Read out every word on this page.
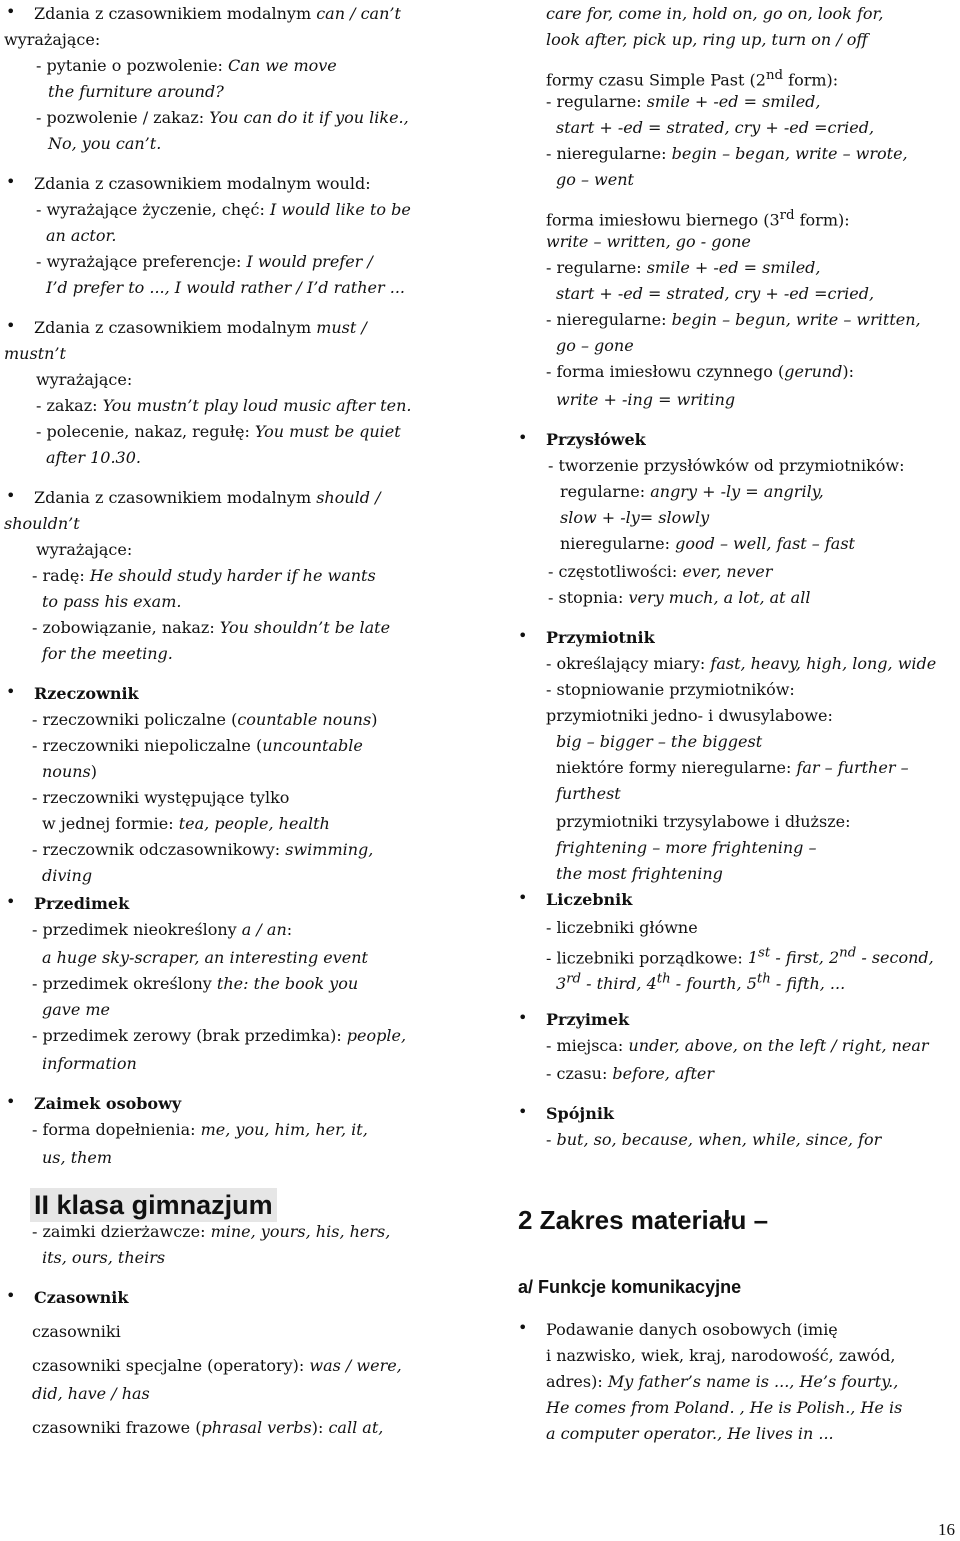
• Zdania z czasownikiem modalnym can / can’t
wyrażające:
- pytanie o pozwolenie: Can we move
the furniture around?
- pozwolenie / zakaz: You can do it if you like.,
No, you can’t.
• Zdania z czasownikiem modalnym would:
- wyrażające życzenie, chęć: I would like to be
an actor.
- wyrażające preferencje: I would prefer /
I’d prefer to ..., I would rather / I’d rather ...
• Zdania z czasownikiem modalnym must /
mustn’t
wyrażające:
- zakaz: You mustn’t play loud music after ten.
- polecenie, nakaz, regułę: You must be quiet
after 10.30.
• Zdania z czasownikiem modalnym should /
shouldn’t
wyrażające:
- radę: He should study harder if he wants
to pass his exam.
- zobowiązanie, nakaz: You shouldn’t be late
for the meeting.
• Rzeczownik
- rzeczowniki policzalne (countable nouns)
- rzeczowniki niepoliczalne (uncountable
nouns)
- rzeczowniki występujące tylko
w jednej formie: tea, people, health
- rzeczownik odczasownikowy: swimming,
diving
• Przedimek
- przedimek nieokreślony a / an:
a huge sky-scraper, an interesting event
- przedimek określony the: the book you
gave me
- przedimek zerowy (brak przedimka): people,
information
• Zaimek osobowy
- forma dopełnienia: me, you, him, her, it,
us, them
- zaimki dzierżawcze: mine, yours, his, hers,
its, ours, theirs
• Czasownik
czasowniki
czasowniki specjalne (operatory): was / were,
did, have / has
czasowniki frazowe (phrasal verbs): call at,
care for, come in, hold on, go on, look for,
look after, pick up, ring up, turn on / off
formy czasu Simple Past (2nd form):
- regularne: smile + -ed = smiled,
start + -ed = strated, cry + -ed =cried,
- nieregularne: begin – began, write – wrote,
go – went
forma imiesłowu biernego (3rd form):
write – written, go - gone
- regularne: smile + -ed = smiled,
start + -ed = strated, cry + -ed =cried,
- nieregularne: begin – begun, write – written,
go – gone
- forma imiesłowu czynnego (gerund):
write + -ing = writing
• Przysłówek
- tworzenie przysłówków od przymiotników:
regularne: angry + -ly = angrily,
slow + -ly= slowly
nieregularne: good – well, fast – fast
- częstotliwości: ever, never
- stopnia: very much, a lot, at all
• Przymiotnik
- określający miary: fast, heavy, high, long, wide
- stopniowanie przymiotników:
przymiotniki jedno- i dwusylabowe:
big – bigger – the biggest
niektóre formy nieregularne: far – further –
furthest
przymiotniki trzysylabowe i dłuższe:
frightening – more frightening –
the most frightening
• Liczebnik
- liczebniki główne
- liczebniki porządkowe: 1st - first, 2nd - second,
3rd - third, 4th - fourth, 5th - fifth, ...
• Przyimek
- miejsca: under, above, on the left / right, near
- czasu: before, after
• Spójnik
- but, so, because, when, while, since, for
• Podawanie danych osobowych (imię
i nazwisko, wiek, kraj, narodowość, zawód,
adres): My father’s name is ..., He’s fourty.,
He comes from Poland. , He is Polish., He is
a computer operator., He lives in ...
II klasa gimnazjum	2 Zakres materiału –
a/ Funkcje komunikacyjne
16
